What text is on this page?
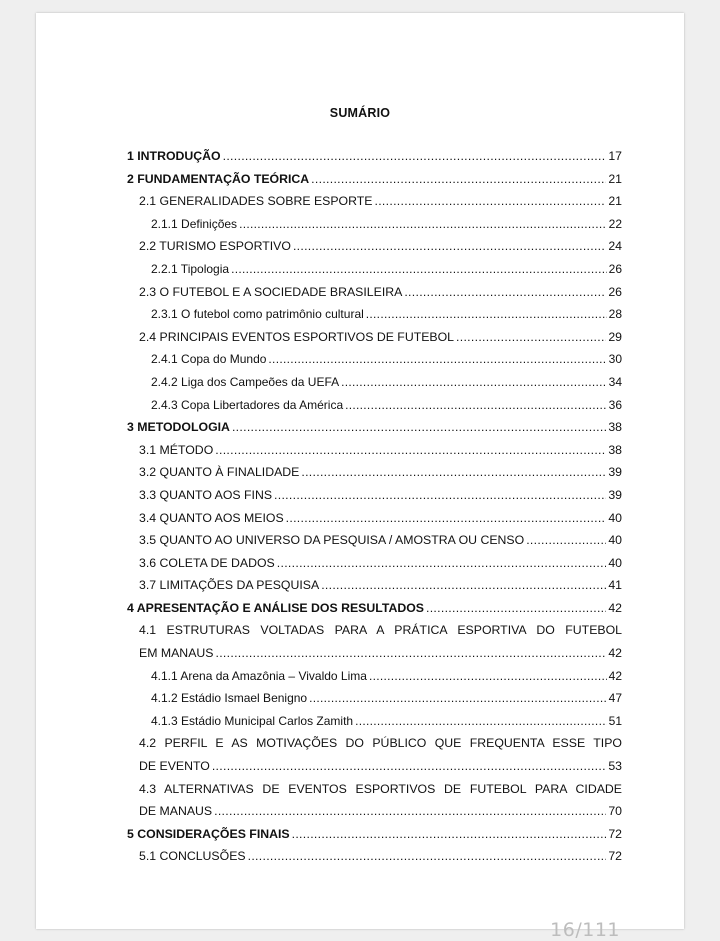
SUMÁRIO
1 INTRODUÇÃO .....	17
2 FUNDAMENTAÇÃO TEÓRICA .....	21
2.1 GENERALIDADES SOBRE ESPORTE .....	21
2.1.1 Definições .....	22
2.2 TURISMO ESPORTIVO .....	24
2.2.1 Tipologia .....	26
2.3 O FUTEBOL E A SOCIEDADE BRASILEIRA .....	26
2.3.1 O futebol como patrimônio cultural .....	28
2.4 PRINCIPAIS EVENTOS ESPORTIVOS DE FUTEBOL .....	29
2.4.1 Copa do Mundo .....	30
2.4.2 Liga dos Campeões da UEFA .....	34
2.4.3 Copa Libertadores da América .....	36
3 METODOLOGIA .....	38
3.1 MÉTODO .....	38
3.2 QUANTO À FINALIDADE .....	39
3.3 QUANTO AOS FINS .....	39
3.4 QUANTO AOS MEIOS .....	40
3.5 QUANTO AO UNIVERSO DA PESQUISA / AMOSTRA OU CENSO .....	40
3.6 COLETA DE DADOS .....	40
3.7 LIMITAÇÕES DA PESQUISA .....	41
4 APRESENTAÇÃO E ANÁLISE DOS RESULTADOS .....	42
4.1 ESTRUTURAS VOLTADAS PARA A PRÁTICA ESPORTIVA DO FUTEBOL
EM MANAUS .....	42
4.1.1 Arena da Amazônia – Vivaldo Lima .....	42
4.1.2 Estádio Ismael Benigno .....	47
4.1.3 Estádio Municipal Carlos Zamith .....	51
4.2 PERFIL E AS MOTIVAÇÕES DO PÚBLICO QUE FREQUENTA ESSE TIPO
DE EVENTO .....	53
4.3 ALTERNATIVAS DE EVENTOS ESPORTIVOS DE FUTEBOL PARA CIDADE
DE MANAUS .....	70
5 CONSIDERAÇÕES FINAIS .....	72
5.1 CONCLUSÕES .....	72
16/111
